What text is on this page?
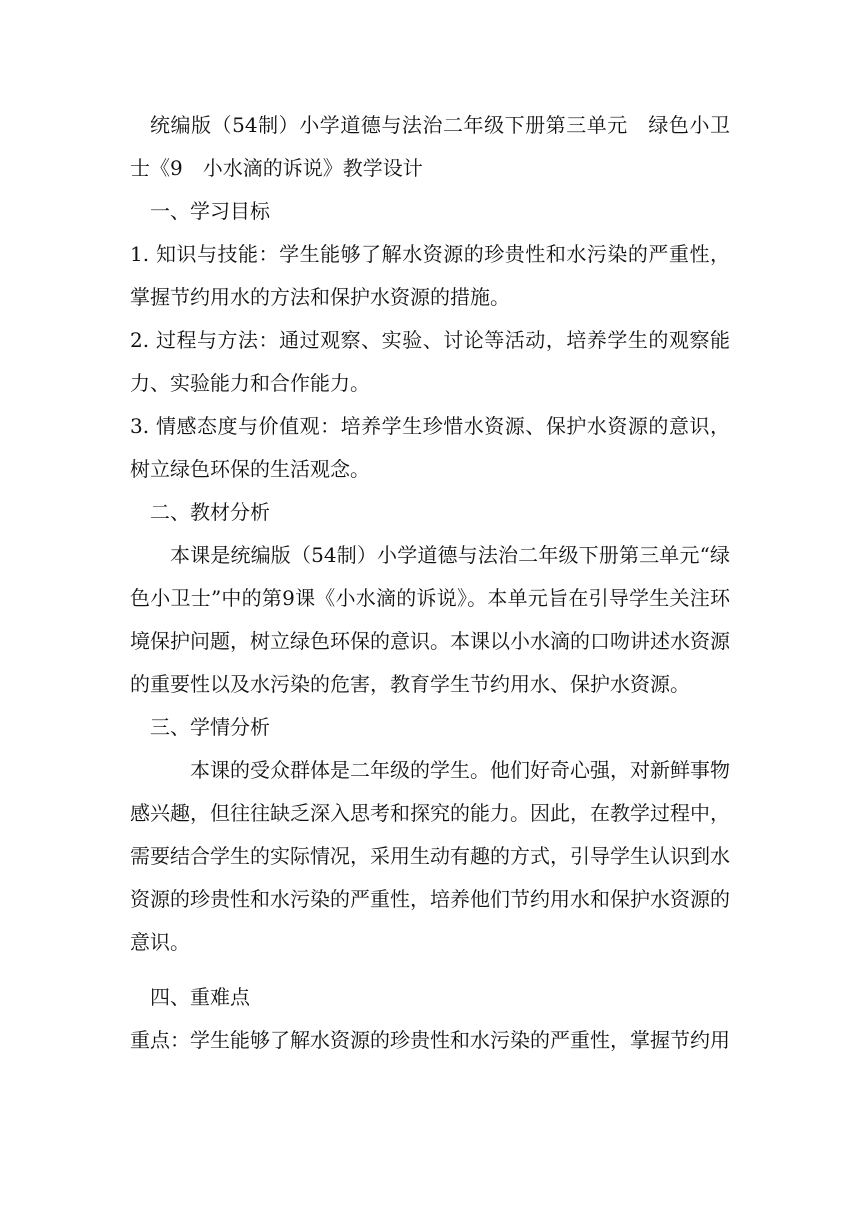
统编版（54制）小学道德与法治二年级下册第三单元　绿色小卫士《9　小水滴的诉说》教学设计

一、学习目标

1. 知识与技能：学生能够了解水资源的珍贵性和水污染的严重性，掌握节约用水的方法和保护水资源的措施。

2. 过程与方法：通过观察、实验、讨论等活动，培养学生的观察能力、实验能力和合作能力。

3. 情感态度与价值观：培养学生珍惜水资源、保护水资源的意识，树立绿色环保的生活观念。

二、教材分析

本课是统编版（54制）小学道德与法治二年级下册第三单元“绿色小卫士”中的第9课《小水滴的诉说》。本单元旨在引导学生关注环境保护问题，树立绿色环保的意识。本课以小水滴的口吻讲述水资源的重要性以及水污染的危害，教育学生节约用水、保护水资源。

三、学情分析

本课的受众群体是二年级的学生。他们好奇心强，对新鲜事物感兴趣，但往往缺乏深入思考和探究的能力。因此，在教学过程中，需要结合学生的实际情况，采用生动有趣的方式，引导学生认识到水资源的珍贵性和水污染的严重性，培养他们节约用水和保护水资源的意识。

四、重难点

重点：学生能够了解水资源的珍贵性和水污染的严重性，掌握节约用
